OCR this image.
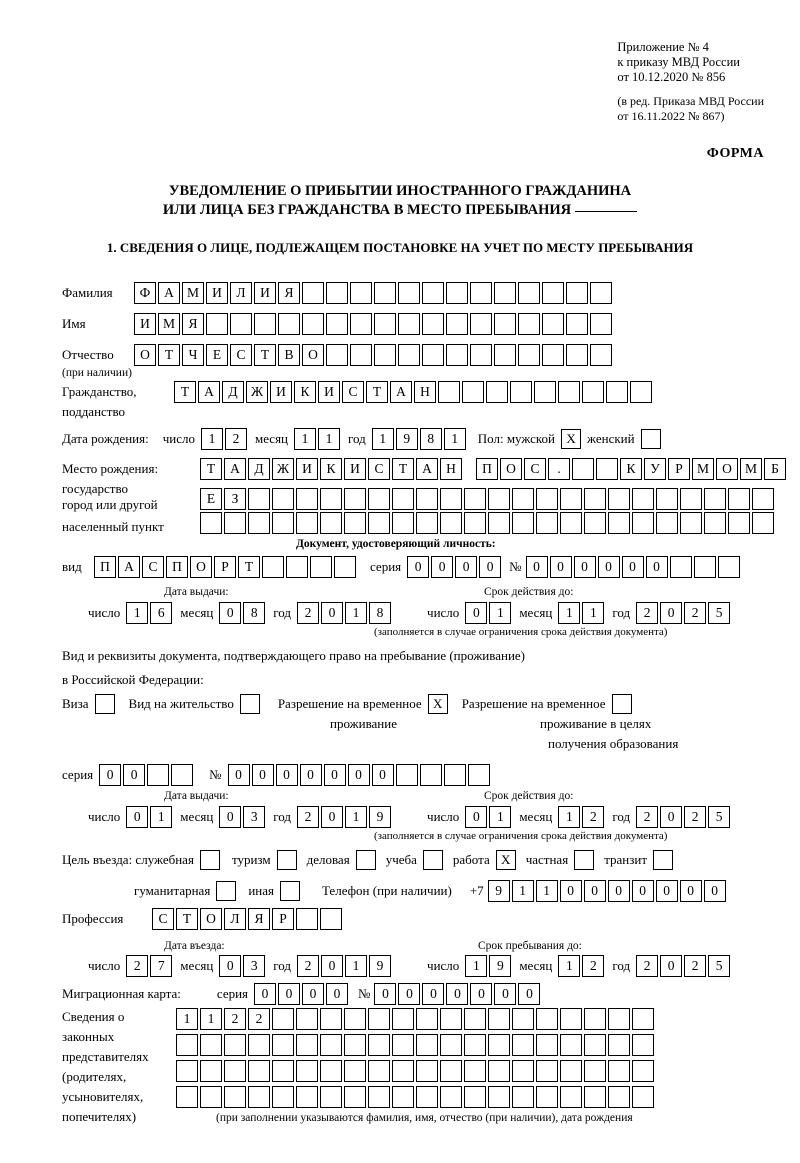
Приложение № 4
к приказу МВД России
от 10.12.2020 № 856
(в ред. Приказа МВД России
от 16.11.2022 № 867)
ФОРМА
УВЕДОМЛЕНИЕ О ПРИБЫТИИ ИНОСТРАННОГО ГРАЖДАНИНА
ИЛИ ЛИЦА БЕЗ ГРАЖДАНСТВА В МЕСТО ПРЕБЫВАНИЯ
1. СВЕДЕНИЯ О ЛИЦЕ, ПОДЛЕЖАЩЕМ ПОСТАНОВКЕ НА УЧЕТ ПО МЕСТУ ПРЕБЫВАНИЯ
Фамилия	Ф	А М И	Л	И	Я
Имя	И М Я
Отчество	О	Т	Ч	Е	С	Т	В	О
(при наличии)
Гражданство,	Т	А	Д Ж И	К	И	С	Т	А	Н
подданство
Дата рождения: число	1	2	месяц	1	1	год	1	9	8	1	Пол: мужской X женский
Место рождения:	Т	А	Д Ж И	К	И	С	Т	А	Н	П	О	С	.	К	У	Р	М О М	Б
государство
Е	З
город или другой
населенный пункт
Документ, удостоверяющий личность:
вид	П	А	С	П	О	Р	Т	серия	0	0	0	0	№ 0	0	0	0	0	0
Дата выдачи:	Срок действия до:
число	1	6	месяц	0	8	год	2	0	1	8	число	0	1	месяц	1	1	год	2	0	2	5
(заполняется в случае ограничения срока действия документа)
Вид и реквизиты документа, подтверждающего право на пребывание (проживание)
в Российской Федерации:
Виза	Вид на жительство	Разрешение на временное X	Разрешение на временное
проживание	проживание в целях
получения образования
серия	0	0	№	0	0	0	0	0	0	0
Дата выдачи:	Срок действия до:
число	0	1	месяц	0	3	год	2	0	1	9	число	0	1	месяц	1	2	год	2	0	2	5
(заполняется в случае ограничения срока действия документа)
Цель въезда: служебная	туризм	деловая	учеба	работа X	частная	транзит
гуманитарная	иная	Телефон (при наличии) +7 9	1	1	0	0	0	0	0	0	0
Профессия	С	Т	О	Л	Я	Р
Дата въезда:	Срок пребывания до:
число	2	7	месяц	0	3	год	2	0	1	9	число	1	9	месяц	1	2	год	2	0	2	5
Миграционная карта:	серия	0	0	0	0	№ 0	0	0	0	0	0	0
Сведения о
законных
представителях
(родителях,
усыновителях,
попечителях)
1	1	2	2
(при заполнении указываются фамилия, имя, отчество (при наличии), дата рождения
